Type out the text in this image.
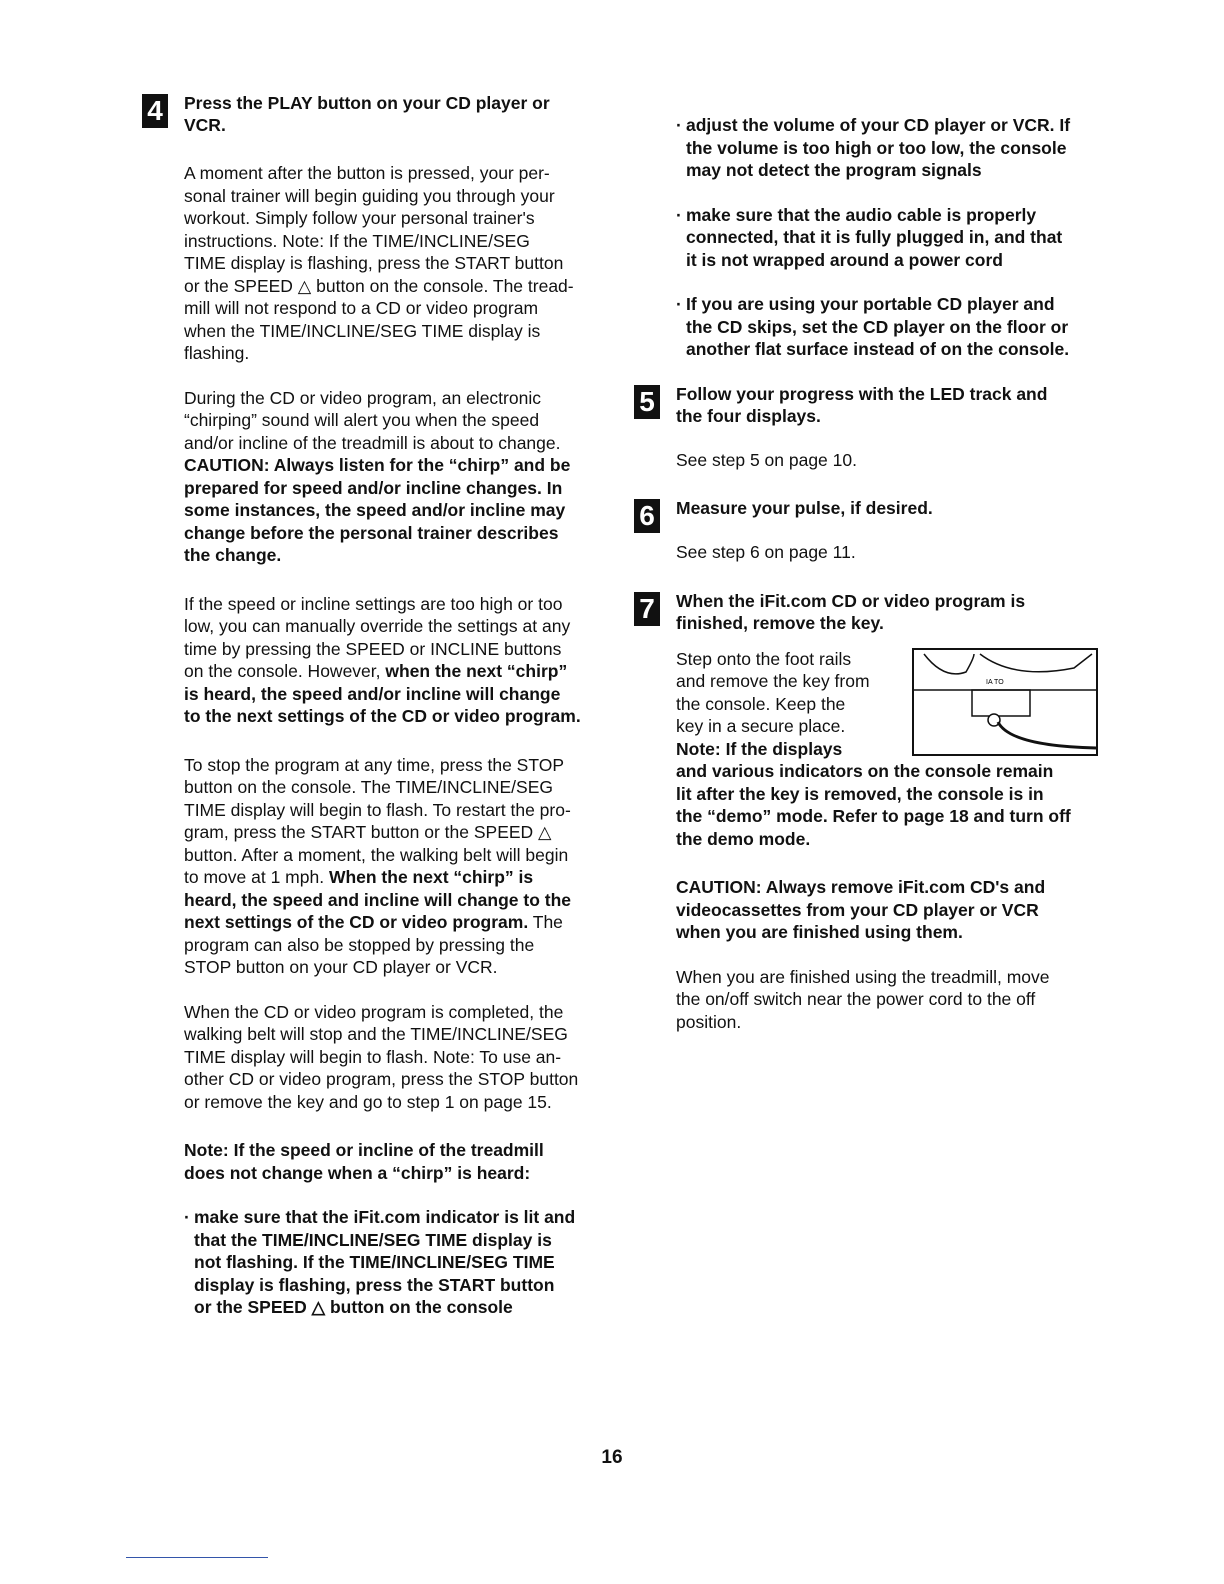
4 Press the PLAY button on your CD player or
VCR.

A moment after the button is pressed, your per-
sonal trainer will begin guiding you through your
workout. Simply follow your personal trainer's
instructions. Note: If the TIME/INCLINE/SEG
TIME display is flashing, press the START button
or the SPEED △ button on the console. The tread-
mill will not respond to a CD or video program
when the TIME/INCLINE/SEG TIME display is
flashing.

During the CD or video program, an electronic
“chirping” sound will alert you when the speed
and/or incline of the treadmill is about to change.
CAUTION: Always listen for the “chirp” and be
prepared for speed and/or incline changes. In
some instances, the speed and/or incline may
change before the personal trainer describes
the change.

If the speed or incline settings are too high or too
low, you can manually override the settings at any
time by pressing the SPEED or INCLINE buttons
on the console. However, when the next “chirp”
is heard, the speed and/or incline will change
to the next settings of the CD or video program.

To stop the program at any time, press the STOP
button on the console. The TIME/INCLINE/SEG
TIME display will begin to flash. To restart the pro-
gram, press the START button or the SPEED △
button. After a moment, the walking belt will begin
to move at 1 mph. When the next “chirp” is
heard, the speed and incline will change to the
next settings of the CD or video program. The
program can also be stopped by pressing the
STOP button on your CD player or VCR.

When the CD or video program is completed, the
walking belt will stop and the TIME/INCLINE/SEG
TIME display will begin to flash. Note: To use an-
other CD or video program, press the STOP button
or remove the key and go to step 1 on page 15.

Note: If the speed or incline of the treadmill
does not change when a “chirp” is heard:

· make sure that the iFit.com indicator is lit and
that the TIME/INCLINE/SEG TIME display is
not flashing. If the TIME/INCLINE/SEG TIME
display is flashing, press the START button
or the SPEED △ button on the console
· adjust the volume of your CD player or VCR. If
the volume is too high or too low, the console
may not detect the program signals
· make sure that the audio cable is properly
connected, that it is fully plugged in, and that
it is not wrapped around a power cord
· If you are using your portable CD player and
the CD skips, set the CD player on the floor or
another flat surface instead of on the console.
5 Follow your progress with the LED track and
the four displays.

See step 5 on page 10.

6 Measure your pulse, if desired.

See step 6 on page 11.

7 When the iFit.com CD or video program is
finished, remove the key.
IA TO

Step onto the foot rails
and remove the key from
the console. Keep the
key in a secure place.

Note: If the displays
and various indicators on the console remain
lit after the key is removed, the console is in
the “demo” mode. Refer to page 18 and turn off
the demo mode.

CAUTION: Always remove iFit.com CD's and
videocassettes from your CD player or VCR
when you are finished using them.

When you are finished using the treadmill, move
the on/off switch near the power cord to the off
position.

16
